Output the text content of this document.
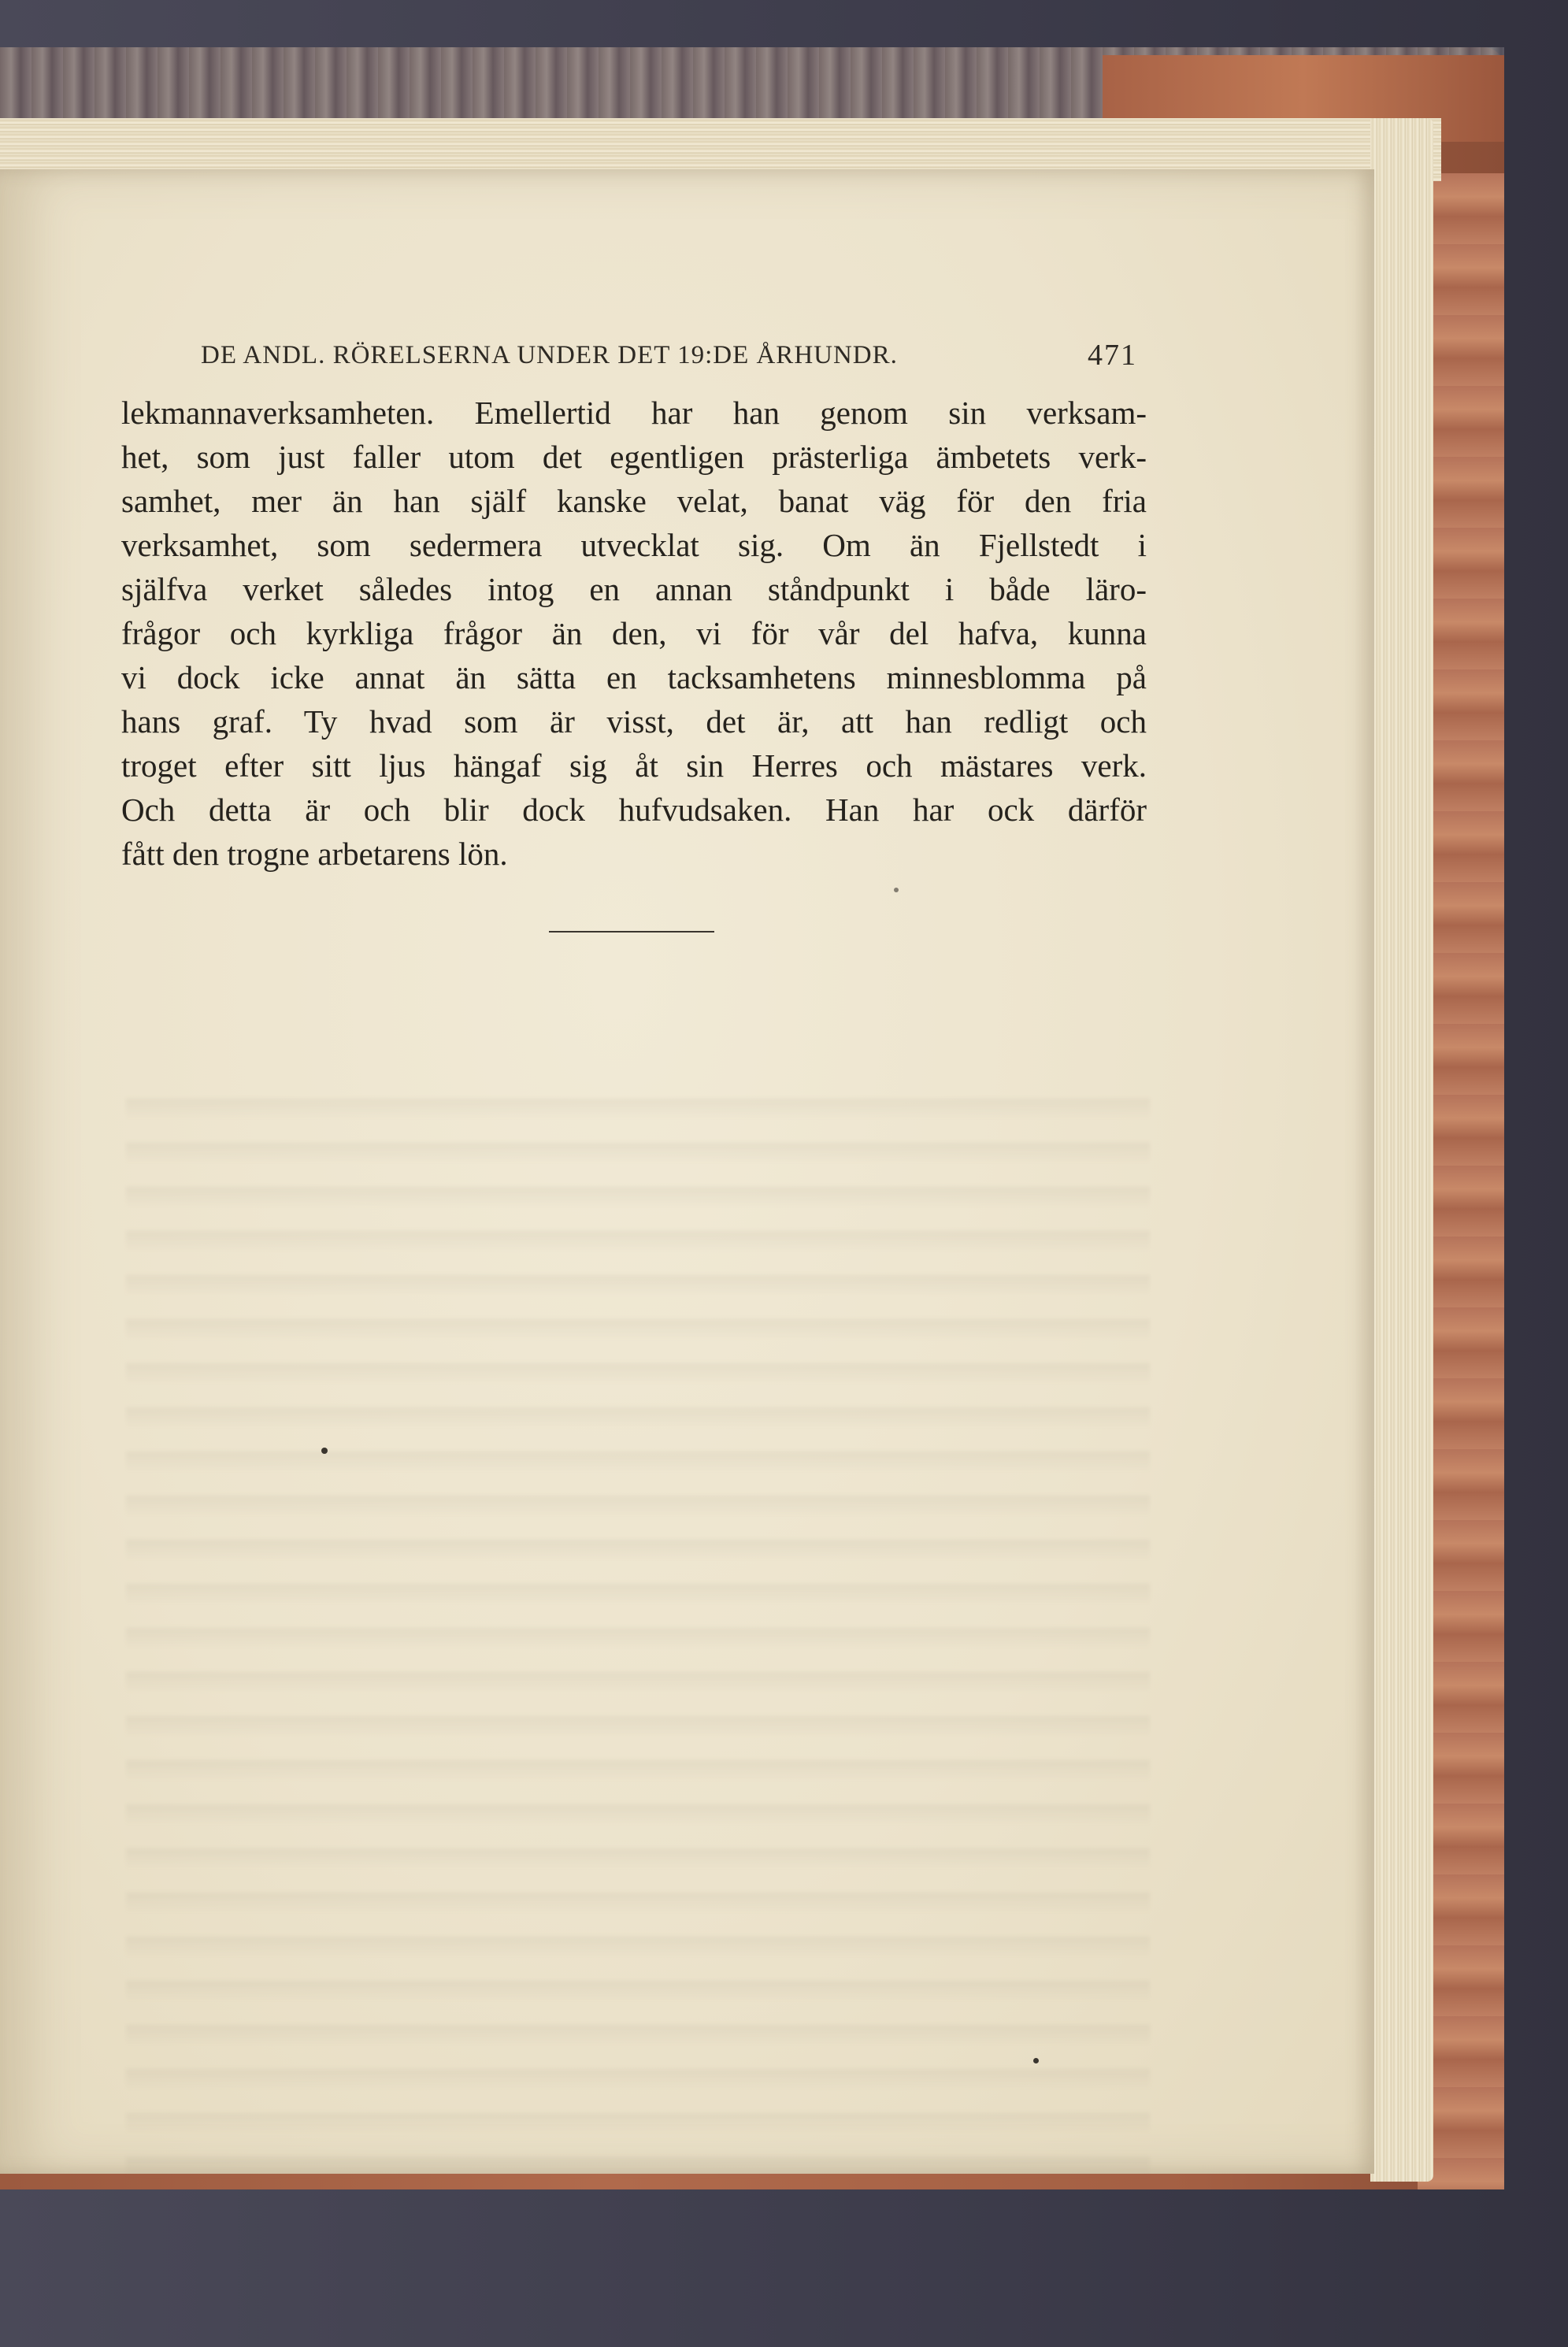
DE ANDL. RÖRELSERNA UNDER DET 19:DE ÅRHUNDR.	471
lekmannaverksamheten. Emellertid har han genom sin verksam-
het, som just faller utom det egentligen prästerliga ämbetets verk-
samhet, mer än han själf kanske velat, banat väg för den fria
verksamhet, som sedermera utvecklat sig. Om än Fjellstedt i
själfva verket således intog en annan ståndpunkt i både läro-
frågor och kyrkliga frågor än den, vi för vår del hafva, kunna
vi dock icke annat än sätta en tacksamhetens minnesblomma på
hans graf. Ty hvad som är visst, det är, att han redligt och
troget efter sitt ljus hängaf sig åt sin Herres och mästares verk.
Och detta är och blir dock hufvudsaken. Han har ock därför
fått den trogne arbetarens lön.
